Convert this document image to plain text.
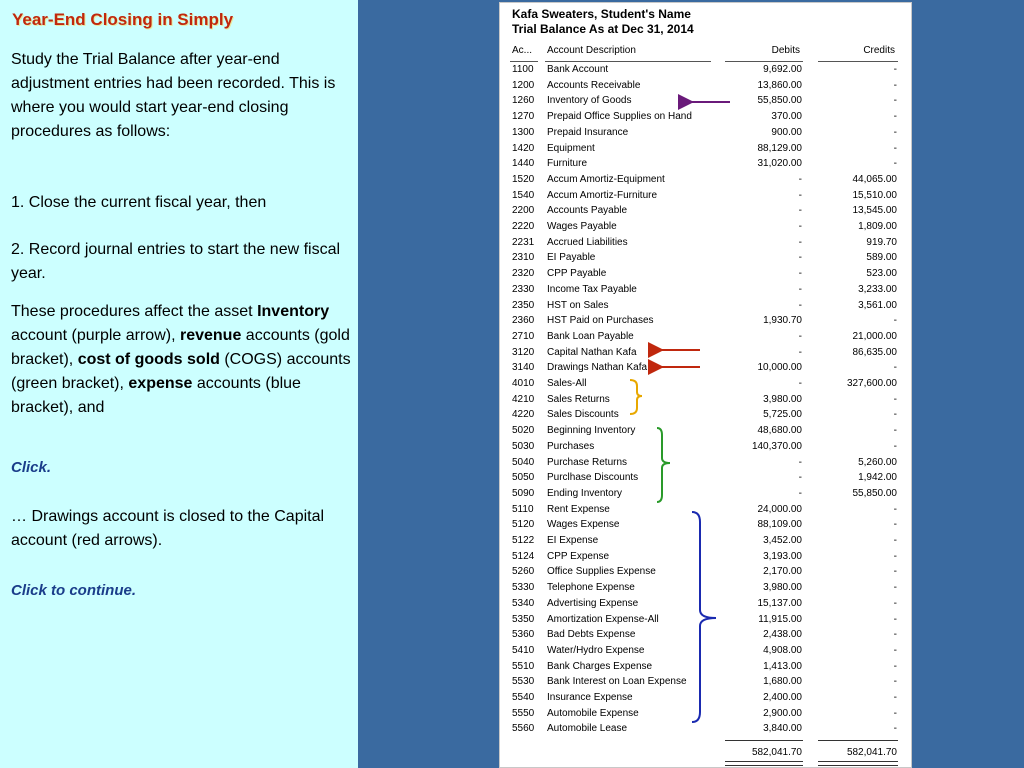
Year-End Closing in Simply
Study the Trial Balance after year-end adjustment entries had been recorded. This is where you would start year-end closing procedures as follows:
1. Close the current fiscal year, then
2. Record journal entries to start the new fiscal year.
These procedures affect the asset Inventory account (purple arrow), revenue accounts (gold bracket), cost of goods sold (COGS) accounts (green bracket), expense accounts (blue bracket), and
Click.
… Drawings account is closed to the Capital account (red arrows).
Click to continue.
Kafa Sweaters, Student's Name
Trial Balance As at Dec 31, 2014
Ac... Account Description	Debits	Credits
1100 Bank Account	9,692.00	-
1200 Accounts Receivable	13,860.00	-
1260 Inventory of Goods	55,850.00	-
1270 Prepaid Office Supplies on Hand	370.00	-
1300 Prepaid Insurance	900.00	-
1420 Equipment	88,129.00	-
1440 Furniture	31,020.00	-
1520 Accum Amortiz-Equipment	-	44,065.00
1540 Accum Amortiz-Furniture	-	15,510.00
2200 Accounts Payable	-	13,545.00
2220 Wages Payable	-	1,809.00
2231 Accrued Liabilities	-	919.70
2310 EI Payable	-	589.00
2320 CPP Payable	-	523.00
2330 Income Tax Payable	-	3,233.00
2350 HST on Sales	-	3,561.00
2360 HST Paid on Purchases	1,930.70	-
2710 Bank Loan Payable	-	21,000.00
3120 Capital Nathan Kafa	-	86,635.00
3140 Drawings Nathan Kafa	10,000.00	-
4010 Sales-All	-	327,600.00
4210 Sales Returns	3,980.00	-
4220 Sales Discounts	5,725.00	-
5020 Beginning Inventory	48,680.00	-
5030 Purchases	140,370.00	-
5040 Purchase Returns	-	5,260.00
5050 Purclhase Discounts	-	1,942.00
5090 Ending Inventory	-	55,850.00
5110 Rent Expense	24,000.00	-
5120 Wages Expense	88,109.00	-
5122 EI Expense	3,452.00	-
5124 CPP Expense	3,193.00	-
5260 Office Supplies Expense	2,170.00	-
5330 Telephone Expense	3,980.00	-
5340 Advertising Expense	15,137.00	-
5350 Amortization Expense-All	11,915.00	-
5360 Bad Debts Expense	2,438.00	-
5410 Water/Hydro Expense	4,908.00	-
5510 Bank Charges Expense	1,413.00	-
5530 Bank Interest on Loan Expense	1,680.00	-
5540 Insurance Expense	2,400.00	-
5550 Automobile Expense	2,900.00	-
5560 Automobile Lease	3,840.00	-
582,041.70	582,041.70
